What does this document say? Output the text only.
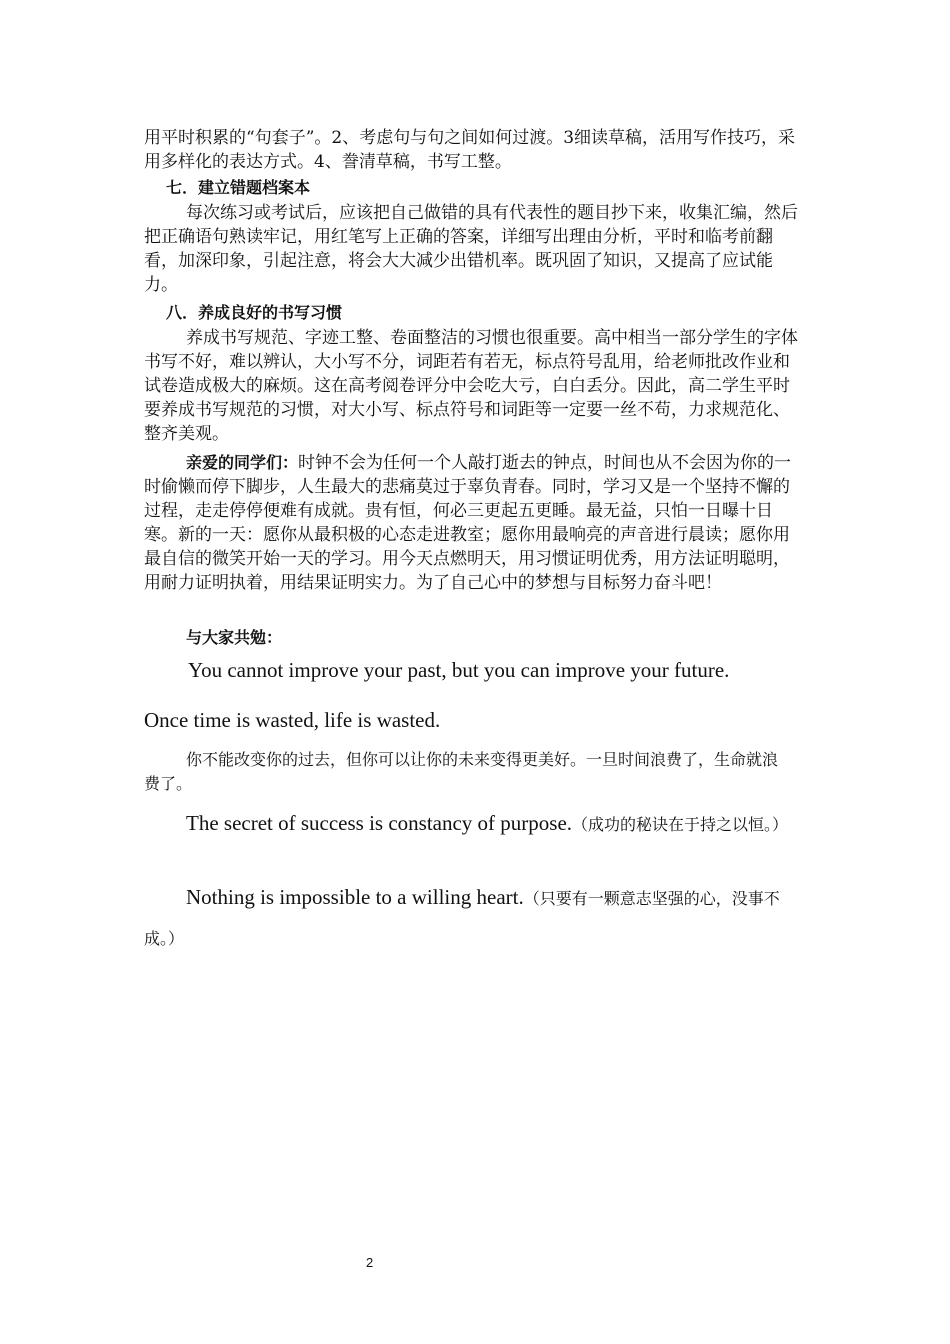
用平时积累的“句套子”。2、考虑句与句之间如何过渡。3细读草稿，活用写作技巧，采用多样化的表达方式。4、誊清草稿，书写工整。

七．建立错题档案本

每次练习或考试后，应该把自己做错的具有代表性的题目抄下来，收集汇编，然后把正确语句熟读牢记，用红笔写上正确的答案，详细写出理由分析，平时和临考前翻看，加深印象，引起注意，将会大大减少出错机率。既巩固了知识，又提高了应试能力。

八．养成良好的书写习惯

养成书写规范、字迹工整、卷面整洁的习惯也很重要。高中相当一部分学生的字体书写不好，难以辨认，大小写不分，词距若有若无，标点符号乱用，给老师批改作业和试卷造成极大的麻烦。这在高考阅卷评分中会吃大亏，白白丢分。因此，高二学生平时要养成书写规范的习惯，对大小写、标点符号和词距等一定要一丝不苟，力求规范化、整齐美观。

亲爱的同学们：时钟不会为任何一个人敲打逝去的钟点，时间也从不会因为你的一时偷懒而停下脚步，人生最大的悲痛莫过于辜负青春。同时，学习又是一个坚持不懈的过程，走走停停便难有成就。贵有恒，何必三更起五更睡。最无益，只怕一日曝十日寒。新的一天：愿你从最积极的心态走进教室；愿你用最响亮的声音进行晨读；愿你用最自信的微笑开始一天的学习。用今天点燃明天，用习惯证明优秀，用方法证明聪明，用耐力证明执着，用结果证明实力。为了自己心中的梦想与目标努力奋斗吧！

与大家共勉：

You cannot improve your past, but you can improve your future.

Once time is wasted, life is wasted.

你不能改变你的过去，但你可以让你的未来变得更美好。一旦时间浪费了，生命就浪费了。

The secret of success is constancy of purpose.（成功的秘诀在于持之以恒。）

Nothing is impossible to a willing heart.（只要有一颗意志坚强的心，没事不成。）

2
